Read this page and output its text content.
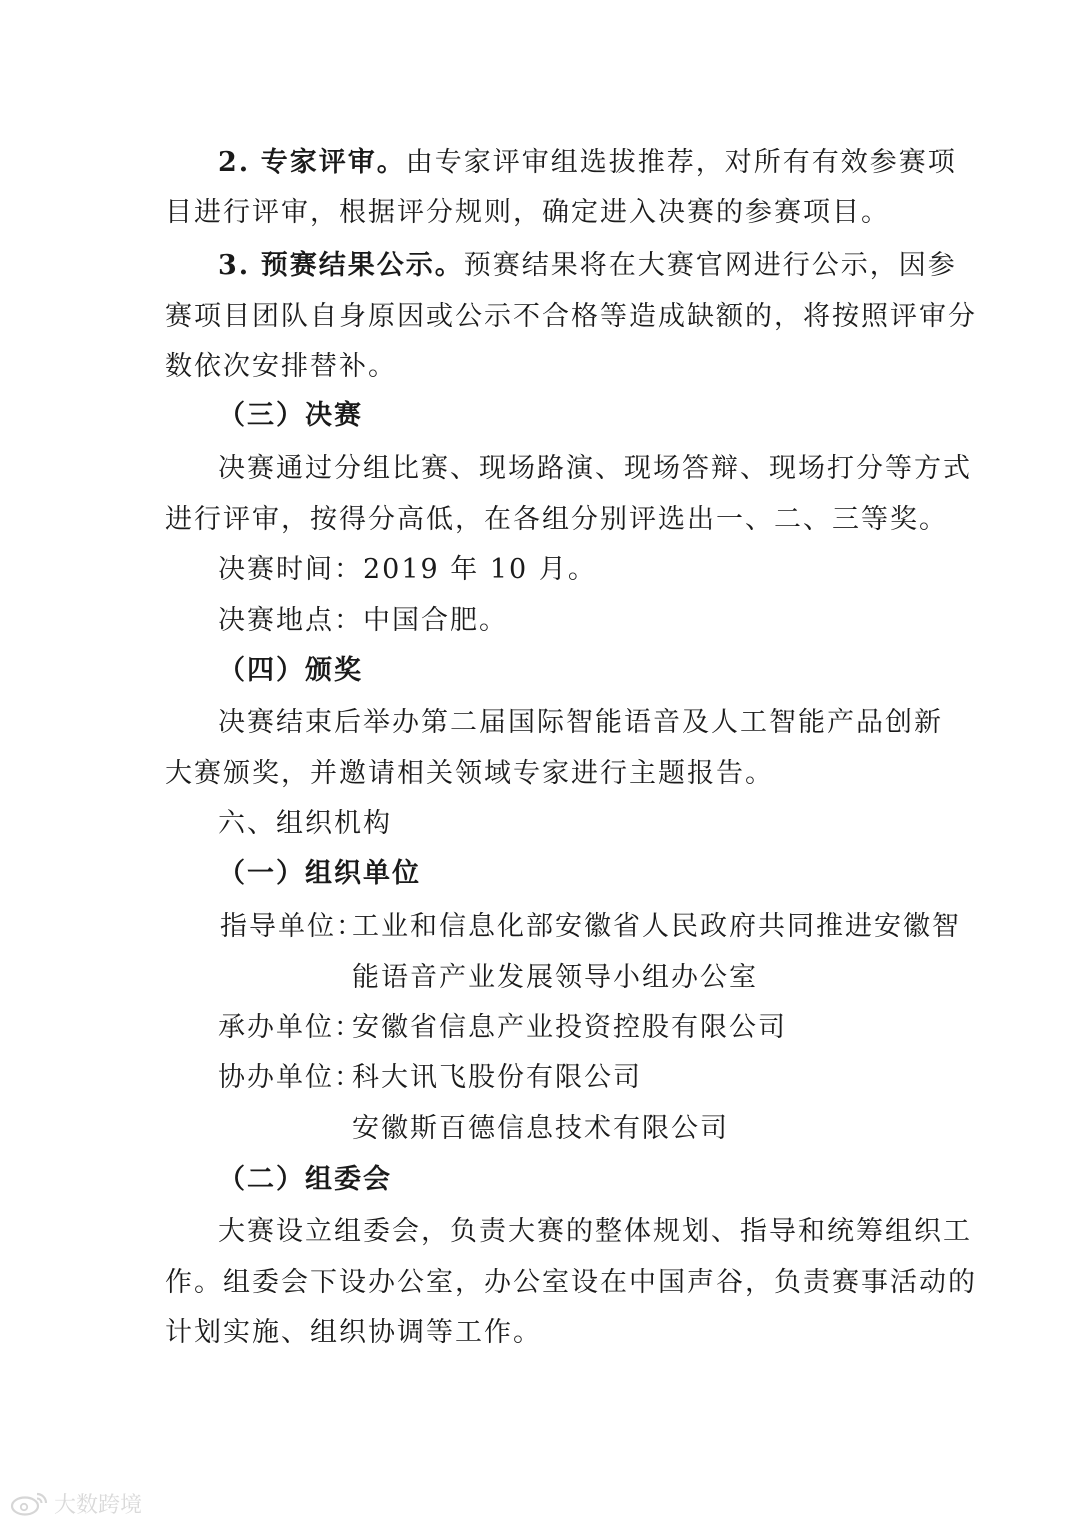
2. 专家评审。由专家评审组选拔推荐，对所有有效参赛项
目进行评审，根据评分规则，确定进入决赛的参赛项目。
3. 预赛结果公示。预赛结果将在大赛官网进行公示，因参
赛项目团队自身原因或公示不合格等造成缺额的，将按照评审分
数依次安排替补。
（三）决赛
决赛通过分组比赛、现场路演、现场答辩、现场打分等方式
进行评审，按得分高低，在各组分别评选出一、二、三等奖。
决赛时间：2019 年 10 月。
决赛地点：中国合肥。
（四）颁奖
决赛结束后举办第二届国际智能语音及人工智能产品创新
大赛颁奖，并邀请相关领域专家进行主题报告。
六、组织机构
（一）组织单位
指导单位：
工业和信息化部安徽省人民政府共同推进安徽智
能语音产业发展领导小组办公室
承办单位：
安徽省信息产业投资控股有限公司
协办单位：
科大讯飞股份有限公司
安徽斯百德信息技术有限公司
（二）组委会
大赛设立组委会，负责大赛的整体规划、指导和统筹组织工
作。组委会下设办公室，办公室设在中国声谷，负责赛事活动的
计划实施、组织协调等工作。
大数跨境
